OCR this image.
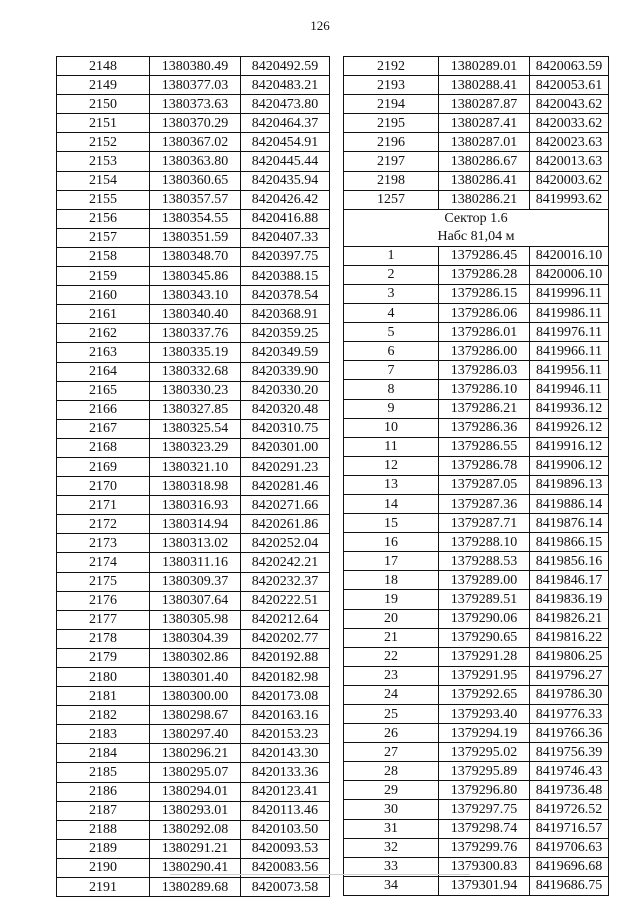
126
2148	1380380.49	8420492.59
2149	1380377.03	8420483.21
2150	1380373.63	8420473.80
2151	1380370.29	8420464.37
2152	1380367.02	8420454.91
2153	1380363.80	8420445.44
2154	1380360.65	8420435.94
2155	1380357.57	8420426.42
2156	1380354.55	8420416.88
2157	1380351.59	8420407.33
2158	1380348.70	8420397.75
2159	1380345.86	8420388.15
2160	1380343.10	8420378.54
2161	1380340.40	8420368.91
2162	1380337.76	8420359.25
2163	1380335.19	8420349.59
2164	1380332.68	8420339.90
2165	1380330.23	8420330.20
2166	1380327.85	8420320.48
2167	1380325.54	8420310.75
2168	1380323.29	8420301.00
2169	1380321.10	8420291.23
2170	1380318.98	8420281.46
2171	1380316.93	8420271.66
2172	1380314.94	8420261.86
2173	1380313.02	8420252.04
2174	1380311.16	8420242.21
2175	1380309.37	8420232.37
2176	1380307.64	8420222.51
2177	1380305.98	8420212.64
2178	1380304.39	8420202.77
2179	1380302.86	8420192.88
2180	1380301.40	8420182.98
2181	1380300.00	8420173.08
2182	1380298.67	8420163.16
2183	1380297.40	8420153.23
2184	1380296.21	8420143.30
2185	1380295.07	8420133.36
2186	1380294.01	8420123.41
2187	1380293.01	8420113.46
2188	1380292.08	8420103.50
2189	1380291.21	8420093.53
2190	1380290.41	8420083.56
2191	1380289.68	8420073.58
2192	1380289.01	8420063.59
2193	1380288.41	8420053.61
2194	1380287.87	8420043.62
2195	1380287.41	8420033.62
2196	1380287.01	8420023.63
2197	1380286.67	8420013.63
2198	1380286.41	8420003.62
1257	1380286.21	8419993.62

Сектор 1.6
Набс 81,04 м		

1	1379286.45	8420016.10
2	1379286.28	8420006.10
3	1379286.15	8419996.11
4	1379286.06	8419986.11
5	1379286.01	8419976.11
6	1379286.00	8419966.11
7	1379286.03	8419956.11
8	1379286.10	8419946.11
9	1379286.21	8419936.12
10	1379286.36	8419926.12
11	1379286.55	8419916.12
12	1379286.78	8419906.12
13	1379287.05	8419896.13
14	1379287.36	8419886.14
15	1379287.71	8419876.14
16	1379288.10	8419866.15
17	1379288.53	8419856.16
18	1379289.00	8419846.17
19	1379289.51	8419836.19
20	1379290.06	8419826.21
21	1379290.65	8419816.22
22	1379291.28	8419806.25
23	1379291.95	8419796.27
24	1379292.65	8419786.30
25	1379293.40	8419776.33
26	1379294.19	8419766.36
27	1379295.02	8419756.39
28	1379295.89	8419746.43
29	1379296.80	8419736.48
30	1379297.75	8419726.52
31	1379298.74	8419716.57
32	1379299.76	8419706.63
33	1379300.83	8419696.68
34	1379301.94	8419686.75
